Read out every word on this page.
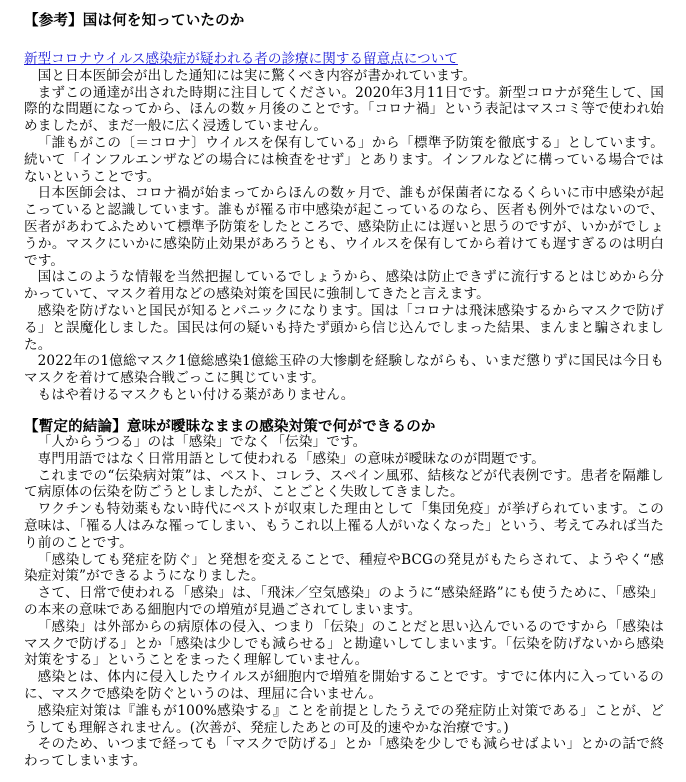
【参考】国は何を知っていたのか
新型コロナウイルス感染症が疑われる者の診療に関する留意点について

国と日本医師会が出した通知には実に驚くべき内容が書かれています。

まずこの通達が出された時期に注目してください。2020年3月11日です。新型コロナが発生して、国際的な問題になってから、ほんの数ヶ月後のことです。「コロナ禍」という表記はマスコミ等で使われ始めましたが、まだ一般に広く浸透していません。

「誰もがこの〔＝コロナ〕ウイルスを保有している」から「標準予防策を徹底する」としています。続いて「インフルエンザなどの場合には検査をせず」とあります。インフルなどに構っている場合ではないということです。

日本医師会は、コロナ禍が始まってからほんの数ヶ月で、誰もが保菌者になるくらいに市中感染が起こっていると認識しています。誰もが罹る市中感染が起こっているのなら、医者も例外ではないので、医者があわてふためいて標準予防策をしたところで、感染防止には遅いと思うのですが、いかがでしょうか。マスクにいかに感染防止効果があろうとも、ウイルスを保有してから着けても遅すぎるのは明白です。

国はこのような情報を当然把握しているでしょうから、感染は防止できずに流行するとはじめから分かっていて、マスク着用などの感染対策を国民に強制してきたと言えます。

感染を防げないと国民が知るとパニックになります。国は「コロナは飛沫感染するからマスクで防げる」と誤魔化しました。国民は何の疑いも持たず頭から信じ込んでしまった結果、まんまと騙されました。

2022年の1億総マスク1億総感染1億総玉砕の大惨劇を経験しながらも、いまだ懲りずに国民は今日もマスクを着けて感染合戦ごっこに興じています。

もはや着けるマスクもとい付ける薬がありません。

【暫定的結論】意味が曖昧なままの感染対策で何ができるのか

「人からうつる」のは「感染」でなく「伝染」です。

専門用語ではなく日常用語として使われる「感染」の意味が曖昧なのが問題です。

これまでの“伝染病対策”は、ペスト、コレラ、スペイン風邪、結核などが代表例です。患者を隔離して病原体の伝染を防ごうとしましたが、ことごとく失敗してきました。

ワクチンも特効薬もない時代にペストが収束した理由として「集団免疫」が挙げられています。この意味は、「罹る人はみな罹ってしまい、もうこれ以上罹る人がいなくなった」という、考えてみれば当たり前のことです。

「感染しても発症を防ぐ」と発想を変えることで、種痘やBCGの発見がもたらされて、ようやく“感染症対策”ができるようになりました。

さて、日常で使われる「感染」は、「飛沫／空気感染」のように“感染経路”にも使うために、「感染」の本来の意味である細胞内での増殖が見過ごされてしまいます。

「感染」は外部からの病原体の侵入、つまり「伝染」のことだと思い込んでいるのですから「感染はマスクで防げる」とか「感染は少しでも減らせる」と勘違いしてしまいます。「伝染を防げないから感染対策をする」ということをまったく理解していません。

感染とは、体内に侵入したウイルスが細胞内で増殖を開始することです。すでに体内に入っているのに、マスクで感染を防ぐというのは、理屈に合いません。

感染症対策は『誰もが100%感染する』ことを前提としたうえでの発症防止対策である」ことが、どうしても理解されません。(次善が、発症したあとの可及的速やかな治療です。)

そのため、いつまで経っても「マスクで防げる」とか「感染を少しでも減らせばよい」とかの話で終わってしまいます。
